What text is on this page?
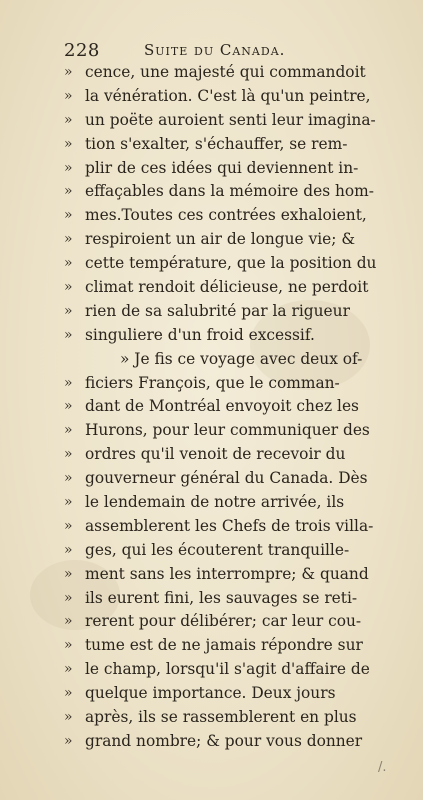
228	Suite du Canada.
» cence, une majesté qui commandoit
» la vénération. C'est là qu'un peintre,
» un poëte auroient senti leur imagina-
» tion s'exalter, s'échauffer, se rem-
» plir de ces idées qui deviennent in-
» effaçables dans la mémoire des hom-
» mes.Toutes ces contrées exhaloient,
» respiroient un air de longue vie; &
» cette température, que la position du
» climat rendoit délicieuse, ne perdoit
» rien de sa salubrité par la rigueur
» singuliere d'un froid excessif.
» Je fis ce voyage avec deux of-
» ficiers François, que le comman-
» dant de Montréal envoyoit chez les
» Hurons, pour leur communiquer des
» ordres qu'il venoit de recevoir du
» gouverneur général du Canada. Dès
» le lendemain de notre arrivée, ils
» assemblerent les Chefs de trois villa-
» ges, qui les écouterent tranquille-
» ment sans les interrompre; & quand
» ils eurent fini, les sauvages se reti-
» rerent pour délibérer; car leur cou-
» tume est de ne jamais répondre sur
» le champ, lorsqu'il s'agit d'affaire de
» quelque importance. Deux jours
» après, ils se rassemblerent en plus
» grand nombre; & pour vous donner
/.
